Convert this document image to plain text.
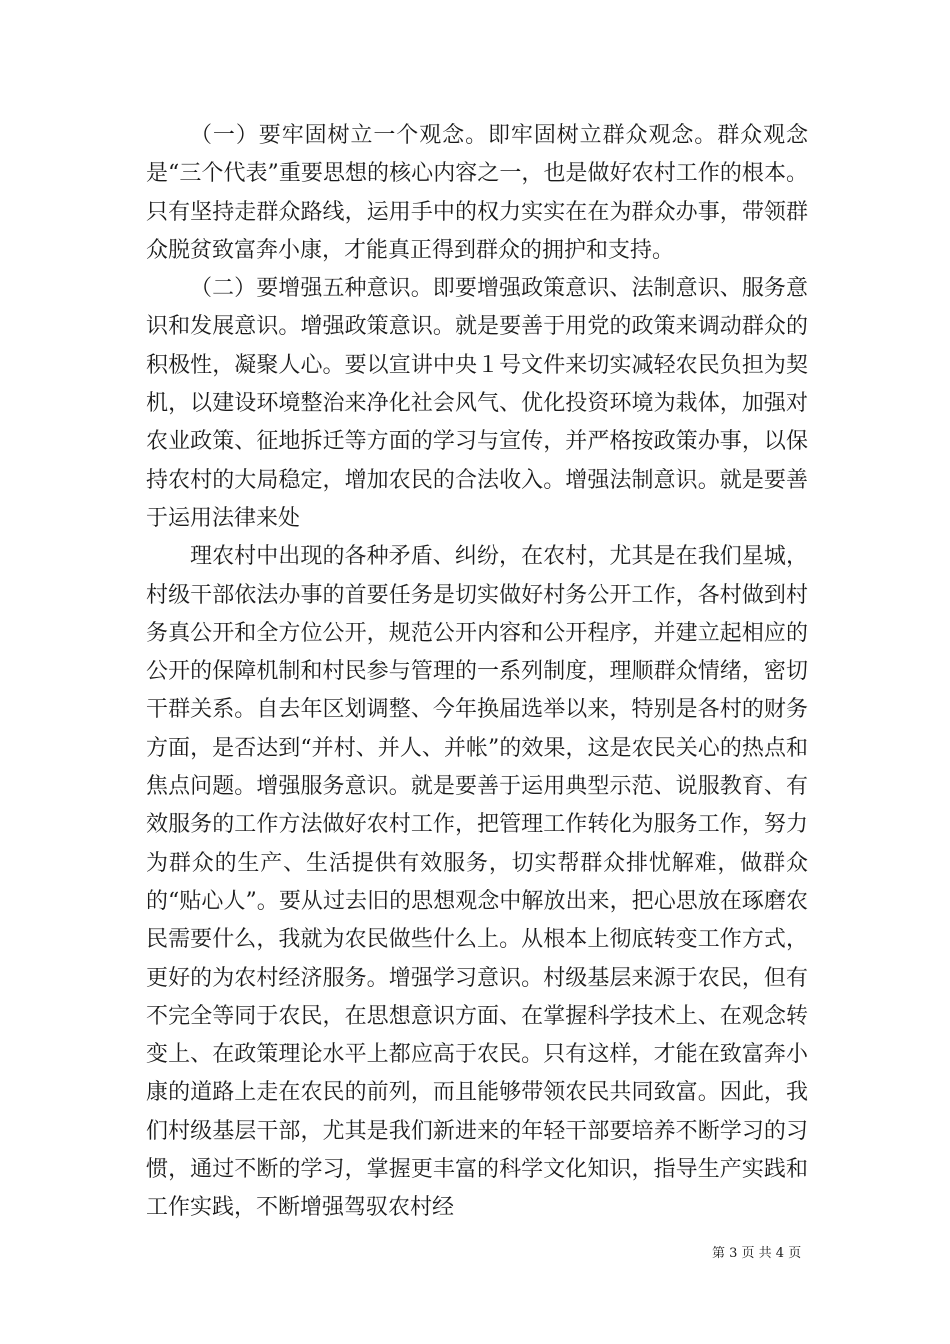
（一）要牢固树立一个观念。即牢固树立群众观念。群众观念是“三个代表”重要思想的核心内容之一，也是做好农村工作的根本。只有坚持走群众路线，运用手中的权力实实在在为群众办事，带领群众脱贫致富奔小康，才能真正得到群众的拥护和支持。

（二）要增强五种意识。即要增强政策意识、法制意识、服务意识和发展意识。增强政策意识。就是要善于用党的政策来调动群众的积极性，凝聚人心。要以宣讲中央１号文件来切实减轻农民负担为契机，以建设环境整治来净化社会风气、优化投资环境为栽体，加强对农业政策、征地拆迁等方面的学习与宣传，并严格按政策办事，以保持农村的大局稳定，增加农民的合法收入。增强法制意识。就是要善于运用法律来处

理农村中出现的各种矛盾、纠纷，在农村，尤其是在我们星城，村级干部依法办事的首要任务是切实做好村务公开工作，各村做到村务真公开和全方位公开，规范公开内容和公开程序，并建立起相应的公开的保障机制和村民参与管理的一系列制度，理顺群众情绪，密切干群关系。自去年区划调整、今年换届选举以来，特别是各村的财务方面，是否达到“并村、并人、并帐”的效果，这是农民关心的热点和焦点问题。增强服务意识。就是要善于运用典型示范、说服教育、有效服务的工作方法做好农村工作，把管理工作转化为服务工作，努力为群众的生产、生活提供有效服务，切实帮群众排忧解难，做群众的“贴心人”。要从过去旧的思想观念中解放出来，把心思放在琢磨农民需要什么，我就为农民做些什么上。从根本上彻底转变工作方式，更好的为农村经济服务。增强学习意识。村级基层来源于农民，但有不完全等同于农民，在思想意识方面、在掌握科学技术上、在观念转变上、在政策理论水平上都应高于农民。只有这样，才能在致富奔小康的道路上走在农民的前列，而且能够带领农民共同致富。因此，我们村级基层干部，尤其是我们新进来的年轻干部要培养不断学习的习惯，通过不断的学习，掌握更丰富的科学文化知识，指导生产实践和工作实践，不断增强驾驭农村经

第 3 页 共 4 页
